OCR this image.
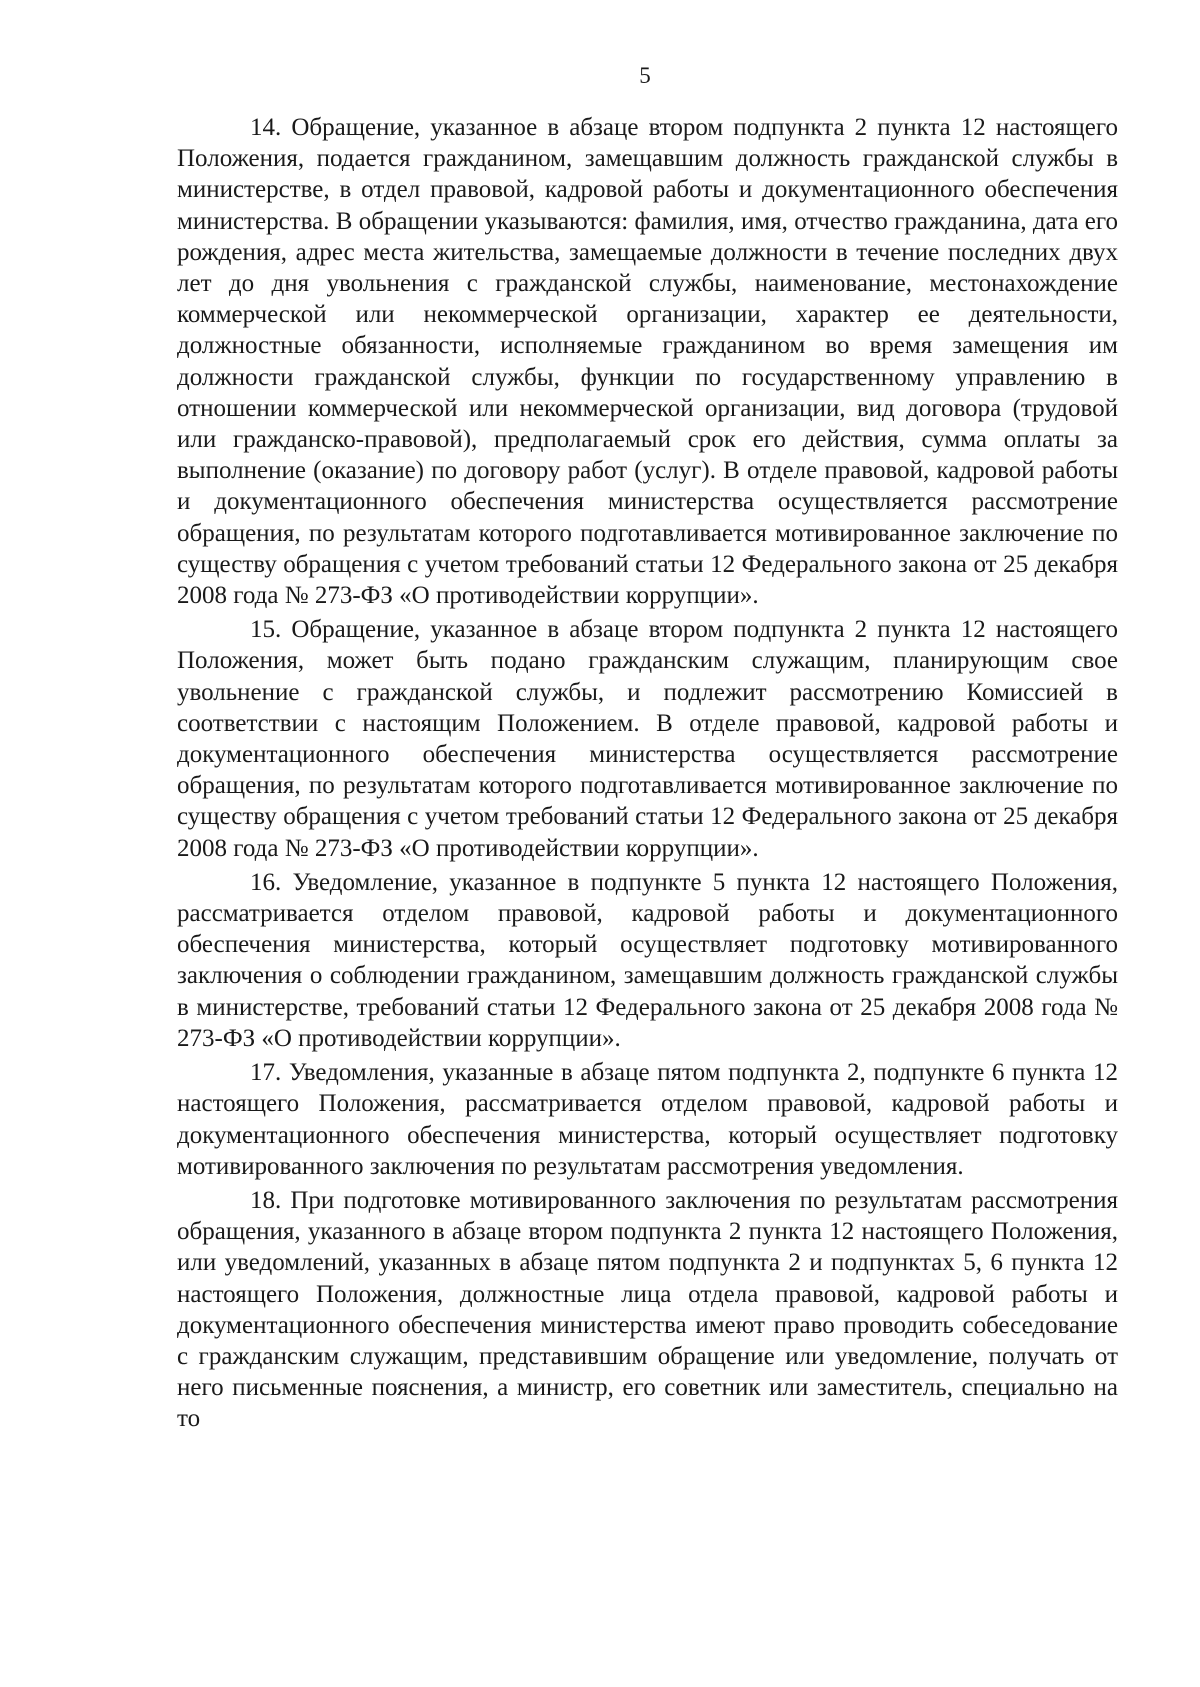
5

14. Обращение, указанное в абзаце втором подпункта 2 пункта 12 настоящего Положения, подается гражданином, замещавшим должность гражданской службы в министерстве, в отдел правовой, кадровой работы и документационного обеспечения министерства. В обращении указываются: фамилия, имя, отчество гражданина, дата его рождения, адрес места жительства, замещаемые должности в течение последних двух лет до дня увольнения с гражданской службы, наименование, местонахождение коммерческой или некоммерческой организации, характер ее деятельности, должностные обязанности, исполняемые гражданином во время замещения им должности гражданской службы, функции по государственному управлению в отношении коммерческой или некоммерческой организации, вид договора (трудовой или гражданско-правовой), предполагаемый срок его действия, сумма оплаты за выполнение (оказание) по договору работ (услуг). В отделе правовой, кадровой работы и документационного обеспечения министерства осуществляется рассмотрение обращения, по результатам которого подготавливается мотивированное заключение по существу обращения с учетом требований статьи 12 Федерального закона от 25 декабря 2008 года № 273-ФЗ «О противодействии коррупции».

15. Обращение, указанное в абзаце втором подпункта 2 пункта 12 настоящего Положения, может быть подано гражданским служащим, планирующим свое увольнение с гражданской службы, и подлежит рассмотрению Комиссией в соответствии с настоящим Положением. В отделе правовой, кадровой работы и документационного обеспечения министерства осуществляется рассмотрение обращения, по результатам которого подготавливается мотивированное заключение по существу обращения с учетом требований статьи 12 Федерального закона от 25 декабря 2008 года № 273-ФЗ «О противодействии коррупции».

16. Уведомление, указанное в подпункте 5 пункта 12 настоящего Положения, рассматривается отделом правовой, кадровой работы и документационного обеспечения министерства, который осуществляет подготовку мотивированного заключения о соблюдении гражданином, замещавшим должность гражданской службы в министерстве, требований статьи 12 Федерального закона от 25 декабря 2008 года № 273-ФЗ «О противодействии коррупции».

17. Уведомления, указанные в абзаце пятом подпункта 2, подпункте 6 пункта 12 настоящего Положения, рассматривается отделом правовой, кадровой работы и документационного обеспечения министерства, который осуществляет подготовку мотивированного заключения по результатам рассмотрения уведомления.

18. При подготовке мотивированного заключения по результатам рассмотрения обращения, указанного в абзаце втором подпункта 2 пункта 12 настоящего Положения, или уведомлений, указанных в абзаце пятом подпункта 2 и подпунктах 5, 6 пункта 12 настоящего Положения, должностные лица отдела правовой, кадровой работы и документационного обеспечения министерства имеют право проводить собеседование с гражданским служащим, представившим обращение или уведомление, получать от него письменные пояснения, а министр, его советник или заместитель, специально на то
